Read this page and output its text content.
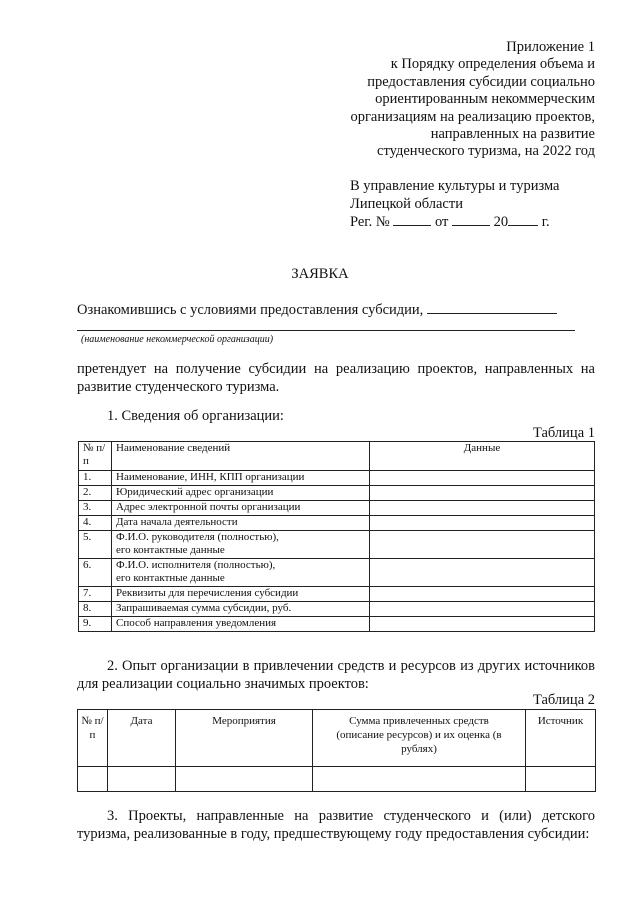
Приложение 1
к Порядку определения объема и
предоставления субсидии социально
ориентированным некоммерческим
организациям на реализацию проектов,
направленных на развитие
студенческого туризма, на 2022 год
В управление культуры и туризма
Липецкой области
Рег. №	от	20 г.
ЗАЯВКА
Ознакомившись с условиями предоставления субсидии,
(наименование некоммерческой организации)
претендует на получение субсидии на реализацию проектов, направленных на развитие студенческого туризма.
1. Сведения об организации:
Таблица 1
№ п/п	Наименование сведений	Данные
1.	Наименование, ИНН, КПП организации	
2.	Юридический адрес организации	
3.	Адрес электронной почты организации	
4.	Дата начала деятельности	
5.	Ф.И.О. руководителя (полностью),
его контактные данные	

6.	Ф.И.О. исполнителя (полностью),
его контактные данные	

7.	Реквизиты для перечисления субсидии	
8.	Запрашиваемая сумма субсидии, руб.	
9.	Способ направления уведомления	
2. Опыт организации в привлечении средств и ресурсов из других источников для реализации социально значимых проектов:
Таблица 2
№ п/п	Дата	Мероприятия	Сумма привлеченных средств (описание ресурсов) и их оценка (в рублях)	Источник

3. Проекты, направленные на развитие студенческого и (или) детского туризма, реализованные в году, предшествующему году предоставления субсидии:
